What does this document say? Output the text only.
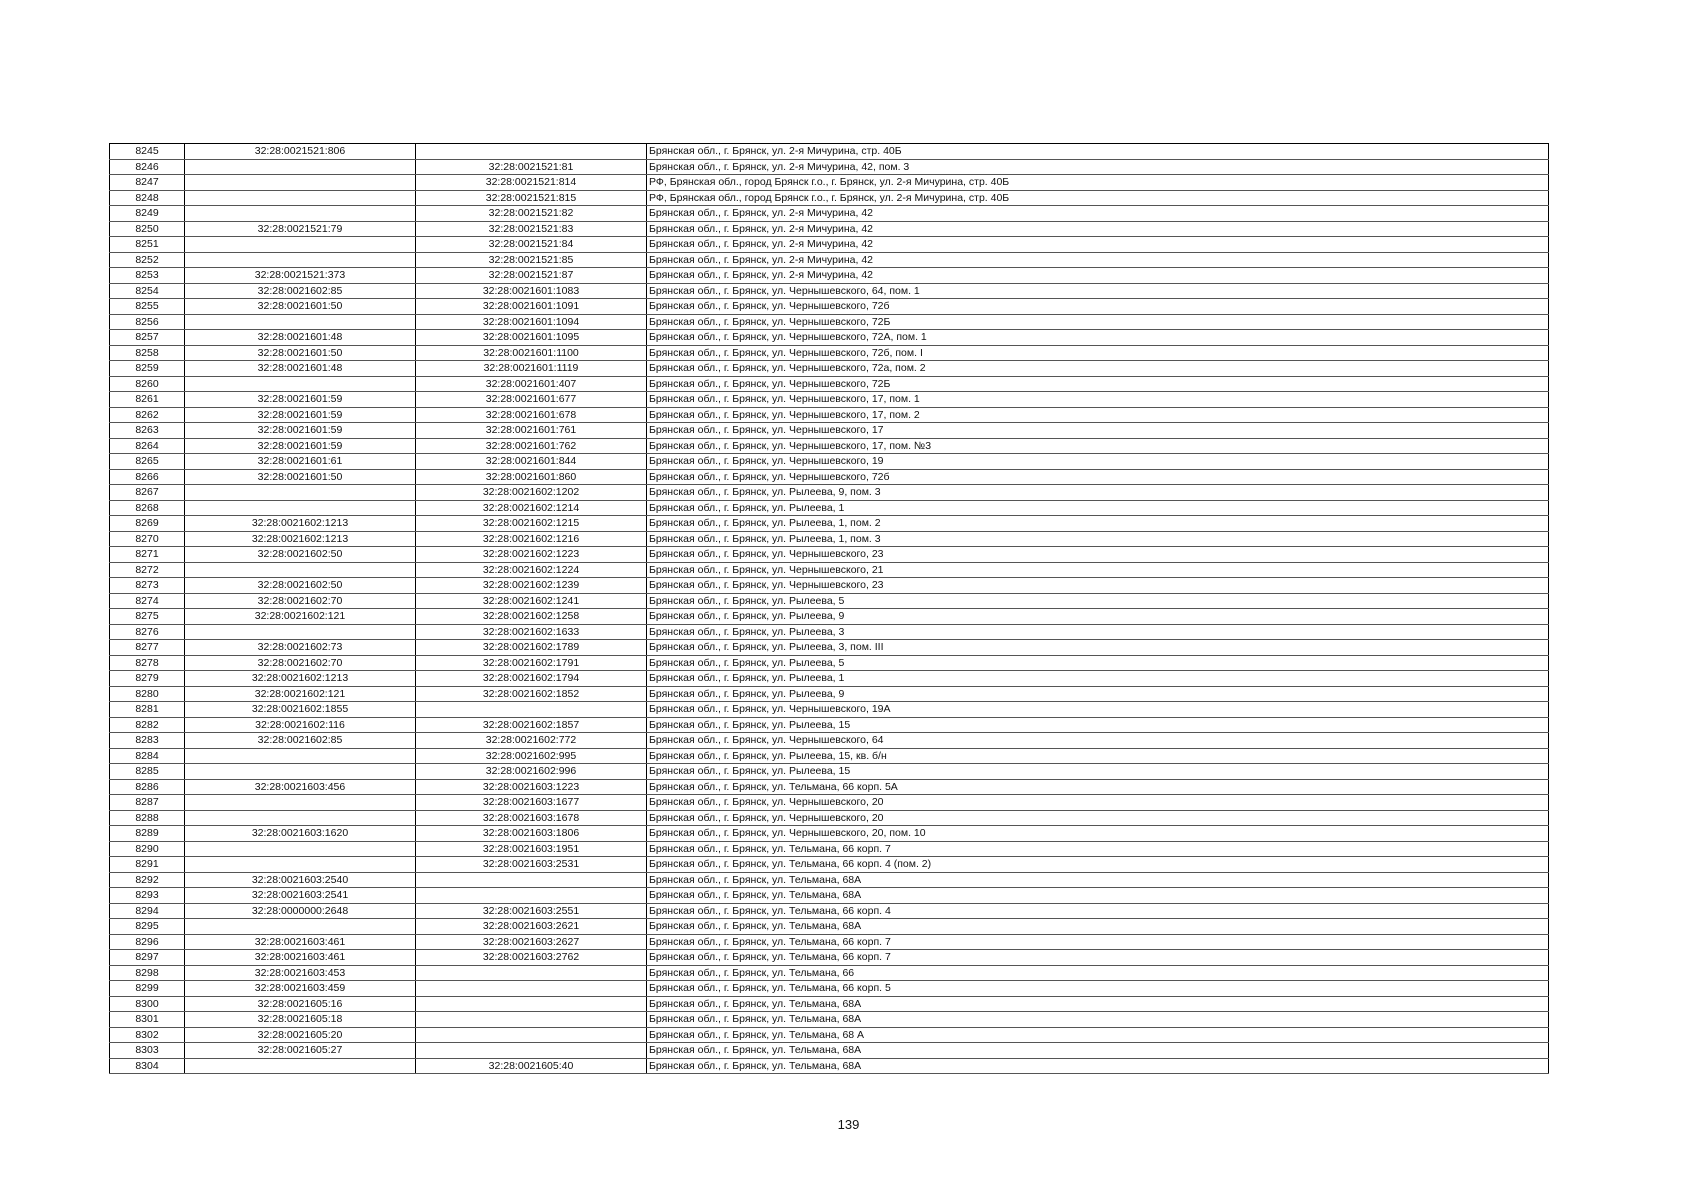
8245	32:28:0021521:806		Брянская обл., г. Брянск, ул. 2-я Мичурина, стр. 40Б
8246		32:28:0021521:81	Брянская обл., г. Брянск, ул. 2-я Мичурина, 42, пом. 3
8247		32:28:0021521:814	РФ, Брянская обл., город Брянск г.о., г. Брянск, ул. 2-я Мичурина, стр. 40Б
8248		32:28:0021521:815	РФ, Брянская обл., город Брянск г.о., г. Брянск, ул. 2-я Мичурина, стр. 40Б
8249		32:28:0021521:82	Брянская обл., г. Брянск, ул. 2-я Мичурина, 42
8250	32:28:0021521:79	32:28:0021521:83	Брянская обл., г. Брянск, ул. 2-я Мичурина, 42
8251		32:28:0021521:84	Брянская обл., г. Брянск, ул. 2-я Мичурина, 42
8252		32:28:0021521:85	Брянская обл., г. Брянск, ул. 2-я Мичурина, 42
8253	32:28:0021521:373	32:28:0021521:87	Брянская обл., г. Брянск, ул. 2-я Мичурина, 42
8254	32:28:0021602:85	32:28:0021601:1083	Брянская обл., г. Брянск, ул. Чернышевского, 64, пом. 1
8255	32:28:0021601:50	32:28:0021601:1091	Брянская обл., г. Брянск, ул. Чернышевского, 72б
8256		32:28:0021601:1094	Брянская обл., г. Брянск, ул. Чернышевского, 72Б
8257	32:28:0021601:48	32:28:0021601:1095	Брянская обл., г. Брянск, ул. Чернышевского, 72А, пом. 1
8258	32:28:0021601:50	32:28:0021601:1100	Брянская обл., г. Брянск, ул. Чернышевского, 72б, пом. I
8259	32:28:0021601:48	32:28:0021601:1119	Брянская обл., г. Брянск, ул. Чернышевского, 72а, пом. 2
8260		32:28:0021601:407	Брянская обл., г. Брянск, ул. Чернышевского, 72Б
8261	32:28:0021601:59	32:28:0021601:677	Брянская обл., г. Брянск, ул. Чернышевского, 17, пом. 1
8262	32:28:0021601:59	32:28:0021601:678	Брянская обл., г. Брянск, ул. Чернышевского, 17, пом. 2
8263	32:28:0021601:59	32:28:0021601:761	Брянская обл., г. Брянск, ул. Чернышевского, 17
8264	32:28:0021601:59	32:28:0021601:762	Брянская обл., г. Брянск, ул. Чернышевского, 17, пом. №3
8265	32:28:0021601:61	32:28:0021601:844	Брянская обл., г. Брянск, ул. Чернышевского, 19
8266	32:28:0021601:50	32:28:0021601:860	Брянская обл., г. Брянск, ул. Чернышевского, 72б
8267		32:28:0021602:1202	Брянская обл., г. Брянск, ул. Рылеева, 9, пом. 3
8268		32:28:0021602:1214	Брянская обл., г. Брянск, ул. Рылеева, 1
8269	32:28:0021602:1213	32:28:0021602:1215	Брянская обл., г. Брянск, ул. Рылеева, 1, пом. 2
8270	32:28:0021602:1213	32:28:0021602:1216	Брянская обл., г. Брянск, ул. Рылеева, 1, пом. 3
8271	32:28:0021602:50	32:28:0021602:1223	Брянская обл., г. Брянск, ул. Чернышевского, 23
8272		32:28:0021602:1224	Брянская обл., г. Брянск, ул. Чернышевского, 21
8273	32:28:0021602:50	32:28:0021602:1239	Брянская обл., г. Брянск, ул. Чернышевского, 23
8274	32:28:0021602:70	32:28:0021602:1241	Брянская обл., г. Брянск, ул. Рылеева, 5
8275	32:28:0021602:121	32:28:0021602:1258	Брянская обл., г. Брянск, ул. Рылеева, 9
8276		32:28:0021602:1633	Брянская обл., г. Брянск, ул. Рылеева, 3
8277	32:28:0021602:73	32:28:0021602:1789	Брянская обл., г. Брянск, ул. Рылеева, 3, пом. III
8278	32:28:0021602:70	32:28:0021602:1791	Брянская обл., г. Брянск, ул. Рылеева, 5
8279	32:28:0021602:1213	32:28:0021602:1794	Брянская обл., г. Брянск, ул. Рылеева, 1
8280	32:28:0021602:121	32:28:0021602:1852	Брянская обл., г. Брянск, ул. Рылеева, 9
8281	32:28:0021602:1855		Брянская обл., г. Брянск, ул. Чернышевского, 19А
8282	32:28:0021602:116	32:28:0021602:1857	Брянская обл., г. Брянск, ул. Рылеева, 15
8283	32:28:0021602:85	32:28:0021602:772	Брянская обл., г. Брянск, ул. Чернышевского, 64
8284		32:28:0021602:995	Брянская обл., г. Брянск, ул. Рылеева, 15, кв. б/н
8285		32:28:0021602:996	Брянская обл., г. Брянск, ул. Рылеева, 15
8286	32:28:0021603:456	32:28:0021603:1223	Брянская обл., г. Брянск, ул. Тельмана, 66 корп. 5А
8287		32:28:0021603:1677	Брянская обл., г. Брянск, ул. Чернышевского, 20
8288		32:28:0021603:1678	Брянская обл., г. Брянск, ул. Чернышевского, 20
8289	32:28:0021603:1620	32:28:0021603:1806	Брянская обл., г. Брянск, ул. Чернышевского, 20, пом. 10
8290		32:28:0021603:1951	Брянская обл., г. Брянск, ул. Тельмана, 66 корп. 7
8291		32:28:0021603:2531	Брянская обл., г. Брянск, ул. Тельмана, 66 корп. 4 (пом. 2)
8292	32:28:0021603:2540		Брянская обл., г. Брянск, ул. Тельмана, 68А
8293	32:28:0021603:2541		Брянская обл., г. Брянск, ул. Тельмана, 68А
8294	32:28:0000000:2648	32:28:0021603:2551	Брянская обл., г. Брянск, ул. Тельмана, 66 корп. 4
8295		32:28:0021603:2621	Брянская обл., г. Брянск, ул. Тельмана, 68А
8296	32:28:0021603:461	32:28:0021603:2627	Брянская обл., г. Брянск, ул. Тельмана, 66 корп. 7
8297	32:28:0021603:461	32:28:0021603:2762	Брянская обл., г. Брянск, ул. Тельмана, 66 корп. 7
8298	32:28:0021603:453		Брянская обл., г. Брянск, ул. Тельмана, 66
8299	32:28:0021603:459		Брянская обл., г. Брянск, ул. Тельмана, 66 корп. 5
8300	32:28:0021605:16		Брянская обл., г. Брянск, ул. Тельмана, 68А
8301	32:28:0021605:18		Брянская обл., г. Брянск, ул. Тельмана, 68А
8302	32:28:0021605:20		Брянская обл., г. Брянск, ул. Тельмана, 68 А
8303	32:28:0021605:27		Брянская обл., г. Брянск, ул. Тельмана, 68А
8304		32:28:0021605:40	Брянская обл., г. Брянск, ул. Тельмана, 68А
139
